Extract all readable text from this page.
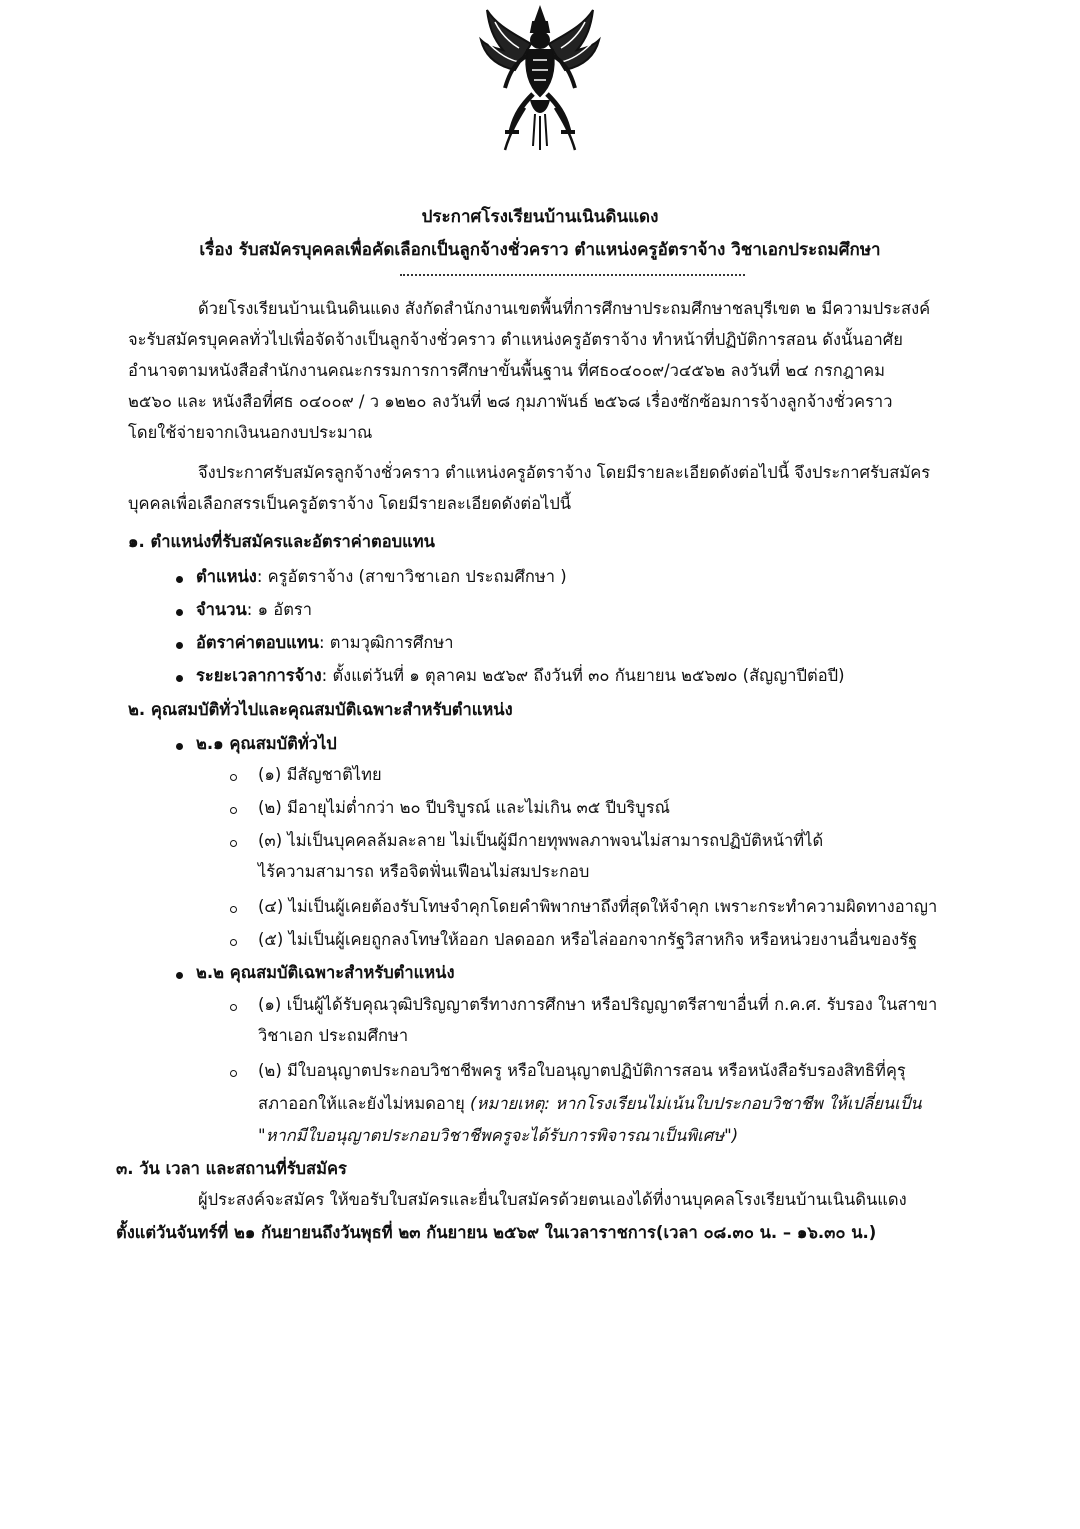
ประกาศโรงเรียนบ้านเนินดินแดง
เรื่อง รับสมัครบุคคลเพื่อคัดเลือกเป็นลูกจ้างชั่วคราว ตำแหน่งครูอัตราจ้าง วิชาเอกประถมศึกษา
ด้วยโรงเรียนบ้านเนินดินแดง สังกัดสำนักงานเขตพื้นที่การศึกษาประถมศึกษาชลบุรีเขต ๒ มีความประสงค์
จะรับสมัครบุคคลทั่วไปเพื่อจัดจ้างเป็นลูกจ้างชั่วคราว ตำแหน่งครูอัตราจ้าง ทำหน้าที่ปฏิบัติการสอน ดังนั้นอาศัย
อำนาจตามหนังสือสำนักงานคณะกรรมการการศึกษาขั้นพื้นฐาน ที่ศธ๐๔๐๐๙/ว๔๕๖๒ ลงวันที่ ๒๔ กรกฎาคม
๒๕๖๐ และ หนังสือที่ศธ ๐๔๐๐๙ / ว ๑๒๒๐ ลงวันที่ ๒๘ กุมภาพันธ์ ๒๕๖๘ เรื่องซักซ้อมการจ้างลูกจ้างชั่วคราว
โดยใช้จ่ายจากเงินนอกงบประมาณ
จึงประกาศรับสมัครลูกจ้างชั่วคราว ตำแหน่งครูอัตราจ้าง โดยมีรายละเอียดดังต่อไปนี้ จึงประกาศรับสมัคร
บุคคลเพื่อเลือกสรรเป็นครูอัตราจ้าง โดยมีรายละเอียดดังต่อไปนี้
๑. ตำแหน่งที่รับสมัครและอัตราค่าตอบแทน
ตำแหน่ง: ครูอัตราจ้าง (สาขาวิชาเอก ประถมศึกษา )
จำนวน: ๑ อัตรา
อัตราค่าตอบแทน: ตามวุฒิการศึกษา
ระยะเวลาการจ้าง: ตั้งแต่วันที่ ๑ ตุลาคม ๒๕๖๙ ถึงวันที่ ๓๐ กันยายน ๒๕๖๗๐ (สัญญาปีต่อปี)
๒. คุณสมบัติทั่วไปและคุณสมบัติเฉพาะสำหรับตำแหน่ง
๒.๑ คุณสมบัติทั่วไป
(๑) มีสัญชาติไทย
(๒) มีอายุไม่ต่ำกว่า ๒๐ ปีบริบูรณ์ และไม่เกิน ๓๕ ปีบริบูรณ์
(๓) ไม่เป็นบุคคลล้มละลาย ไม่เป็นผู้มีกายทุพพลภาพจนไม่สามารถปฏิบัติหน้าที่ได้
ไร้ความสามารถ หรือจิตฟั่นเฟือนไม่สมประกอบ
(๔) ไม่เป็นผู้เคยต้องรับโทษจำคุกโดยคำพิพากษาถึงที่สุดให้จำคุก เพราะกระทำความผิดทางอาญา
(๕) ไม่เป็นผู้เคยถูกลงโทษให้ออก ปลดออก หรือไล่ออกจากรัฐวิสาหกิจ หรือหน่วยงานอื่นของรัฐ
๒.๒ คุณสมบัติเฉพาะสำหรับตำแหน่ง
(๑) เป็นผู้ได้รับคุณวุฒิปริญญาตรีทางการศึกษา หรือปริญญาตรีสาขาอื่นที่ ก.ค.ศ. รับรอง ในสาขา
วิชาเอก ประถมศึกษา
(๒) มีใบอนุญาตประกอบวิชาชีพครู หรือใบอนุญาตปฏิบัติการสอน หรือหนังสือรับรองสิทธิที่คุรุ
สภาออกให้และยังไม่หมดอายุ (หมายเหตุ: หากโรงเรียนไม่เน้นใบประกอบวิชาชีพ ให้เปลี่ยนเป็น
"หากมีใบอนุญาตประกอบวิชาชีพครูจะได้รับการพิจารณาเป็นพิเศษ")
๓. วัน เวลา และสถานที่รับสมัคร
ผู้ประสงค์จะสมัคร ให้ขอรับใบสมัครและยื่นใบสมัครด้วยตนเองได้ที่งานบุคคลโรงเรียนบ้านเนินดินแดง
ตั้งแต่วันจันทร์ที่ ๒๑ กันยายนถึงวันพุธที่ ๒๓ กันยายน ๒๕๖๙ ในเวลาราชการ(เวลา ๐๘.๓๐ น. – ๑๖.๓๐ น.)
